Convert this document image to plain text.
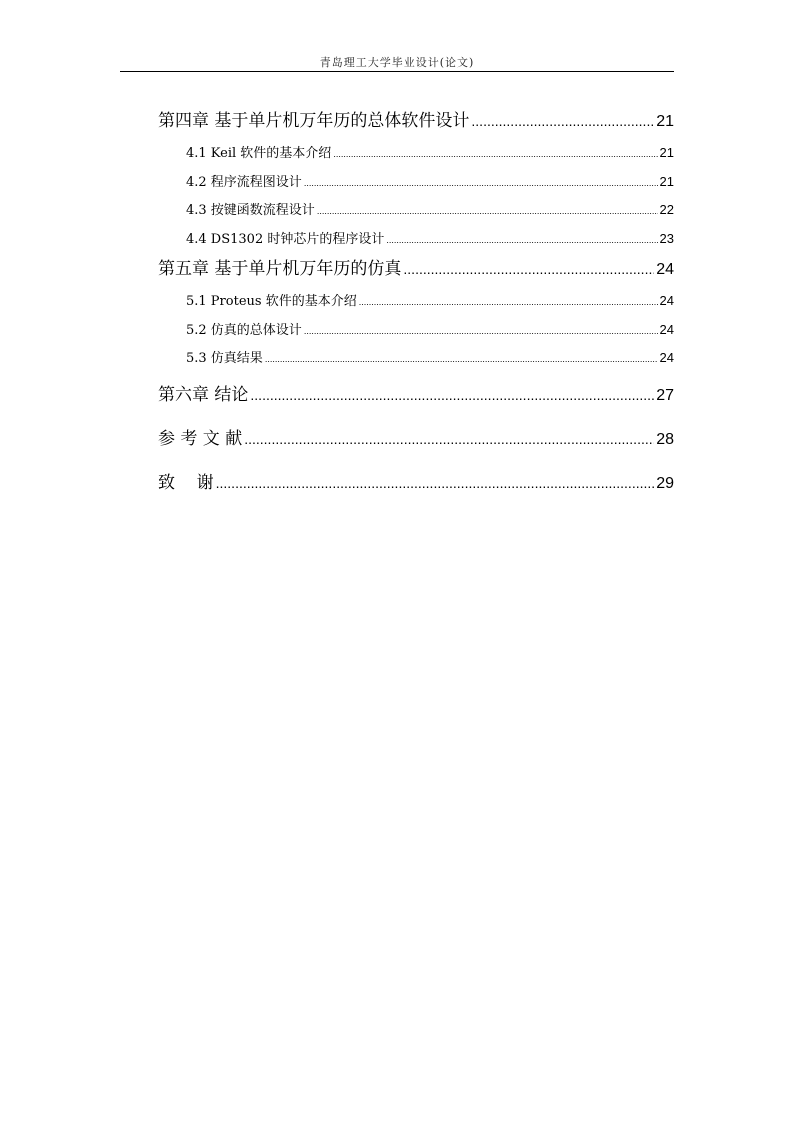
青岛理工大学毕业设计(论文)
第四章 基于单片机万年历的总体软件设计 .....	21
4.1 Keil 软件的基本介绍 .....	21
4.2 程序流程图设计 .....	21
4.3 按键函数流程设计 .....	22
4.4 DS1302 时钟芯片的程序设计 .....	23
第五章 基于单片机万年历的仿真 .....	24
5.1 Proteus 软件的基本介绍 .....	24
5.2 仿真的总体设计 .....	24
5.3 仿真结果 .....	24
第六章 结论 .....	27
参 考 文 献 .....	28
致    谢 .....	29
